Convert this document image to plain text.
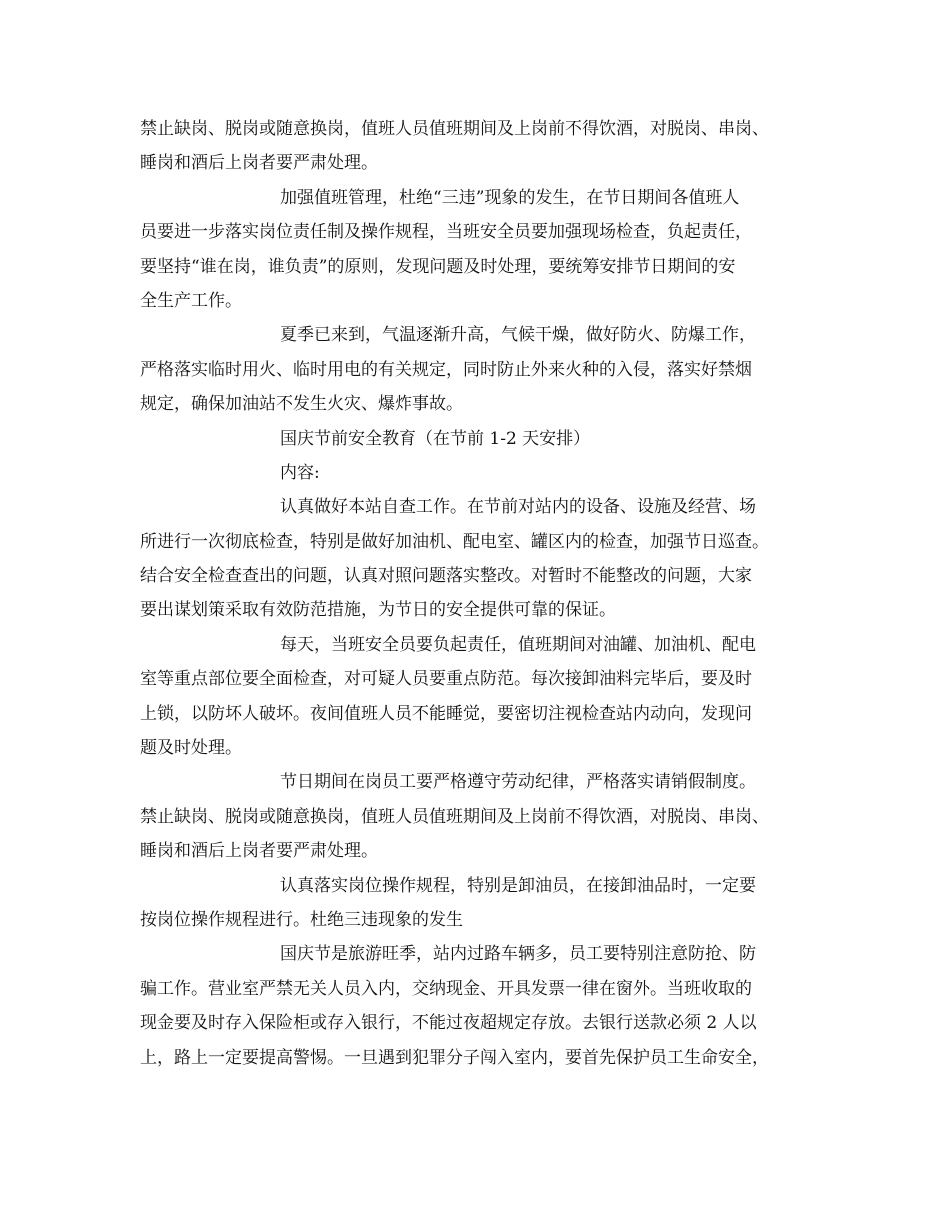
禁止缺岗、脱岗或随意换岗，值班人员值班期间及上岗前不得饮酒，对脱岗、串岗、
睡岗和酒后上岗者要严肃处理。
加强值班管理，杜绝“三违”现象的发生，在节日期间各值班人
员要进一步落实岗位责任制及操作规程，当班安全员要加强现场检查，负起责任，
要坚持“谁在岗，谁负责”的原则，发现问题及时处理，要统筹安排节日期间的安
全生产工作。
夏季已来到，气温逐渐升高，气候干燥，做好防火、防爆工作，
严格落实临时用火、临时用电的有关规定，同时防止外来火种的入侵，落实好禁烟
规定，确保加油站不发生火灾、爆炸事故。
国庆节前安全教育（在节前 1-2 天安排）
内容:
认真做好本站自查工作。在节前对站内的设备、设施及经营、场
所进行一次彻底检查，特别是做好加油机、配电室、罐区内的检查，加强节日巡查。
结合安全检查查出的问题，认真对照问题落实整改。对暂时不能整改的问题，大家
要出谋划策采取有效防范措施，为节日的安全提供可靠的保证。
每天，当班安全员要负起责任，值班期间对油罐、加油机、配电
室等重点部位要全面检查，对可疑人员要重点防范。每次接卸油料完毕后，要及时
上锁，以防坏人破坏。夜间值班人员不能睡觉，要密切注视检查站内动向，发现问
题及时处理。
节日期间在岗员工要严格遵守劳动纪律，严格落实请销假制度。
禁止缺岗、脱岗或随意换岗，值班人员值班期间及上岗前不得饮酒，对脱岗、串岗、
睡岗和酒后上岗者要严肃处理。
认真落实岗位操作规程，特别是卸油员，在接卸油品时，一定要
按岗位操作规程进行。杜绝三违现象的发生
国庆节是旅游旺季，站内过路车辆多，员工要特别注意防抢、防
骗工作。营业室严禁无关人员入内，交纳现金、开具发票一律在窗外。当班收取的
现金要及时存入保险柜或存入银行，不能过夜超规定存放。去银行送款必须 2 人以
上，路上一定要提高警惕。一旦遇到犯罪分子闯入室内，要首先保护员工生命安全，
